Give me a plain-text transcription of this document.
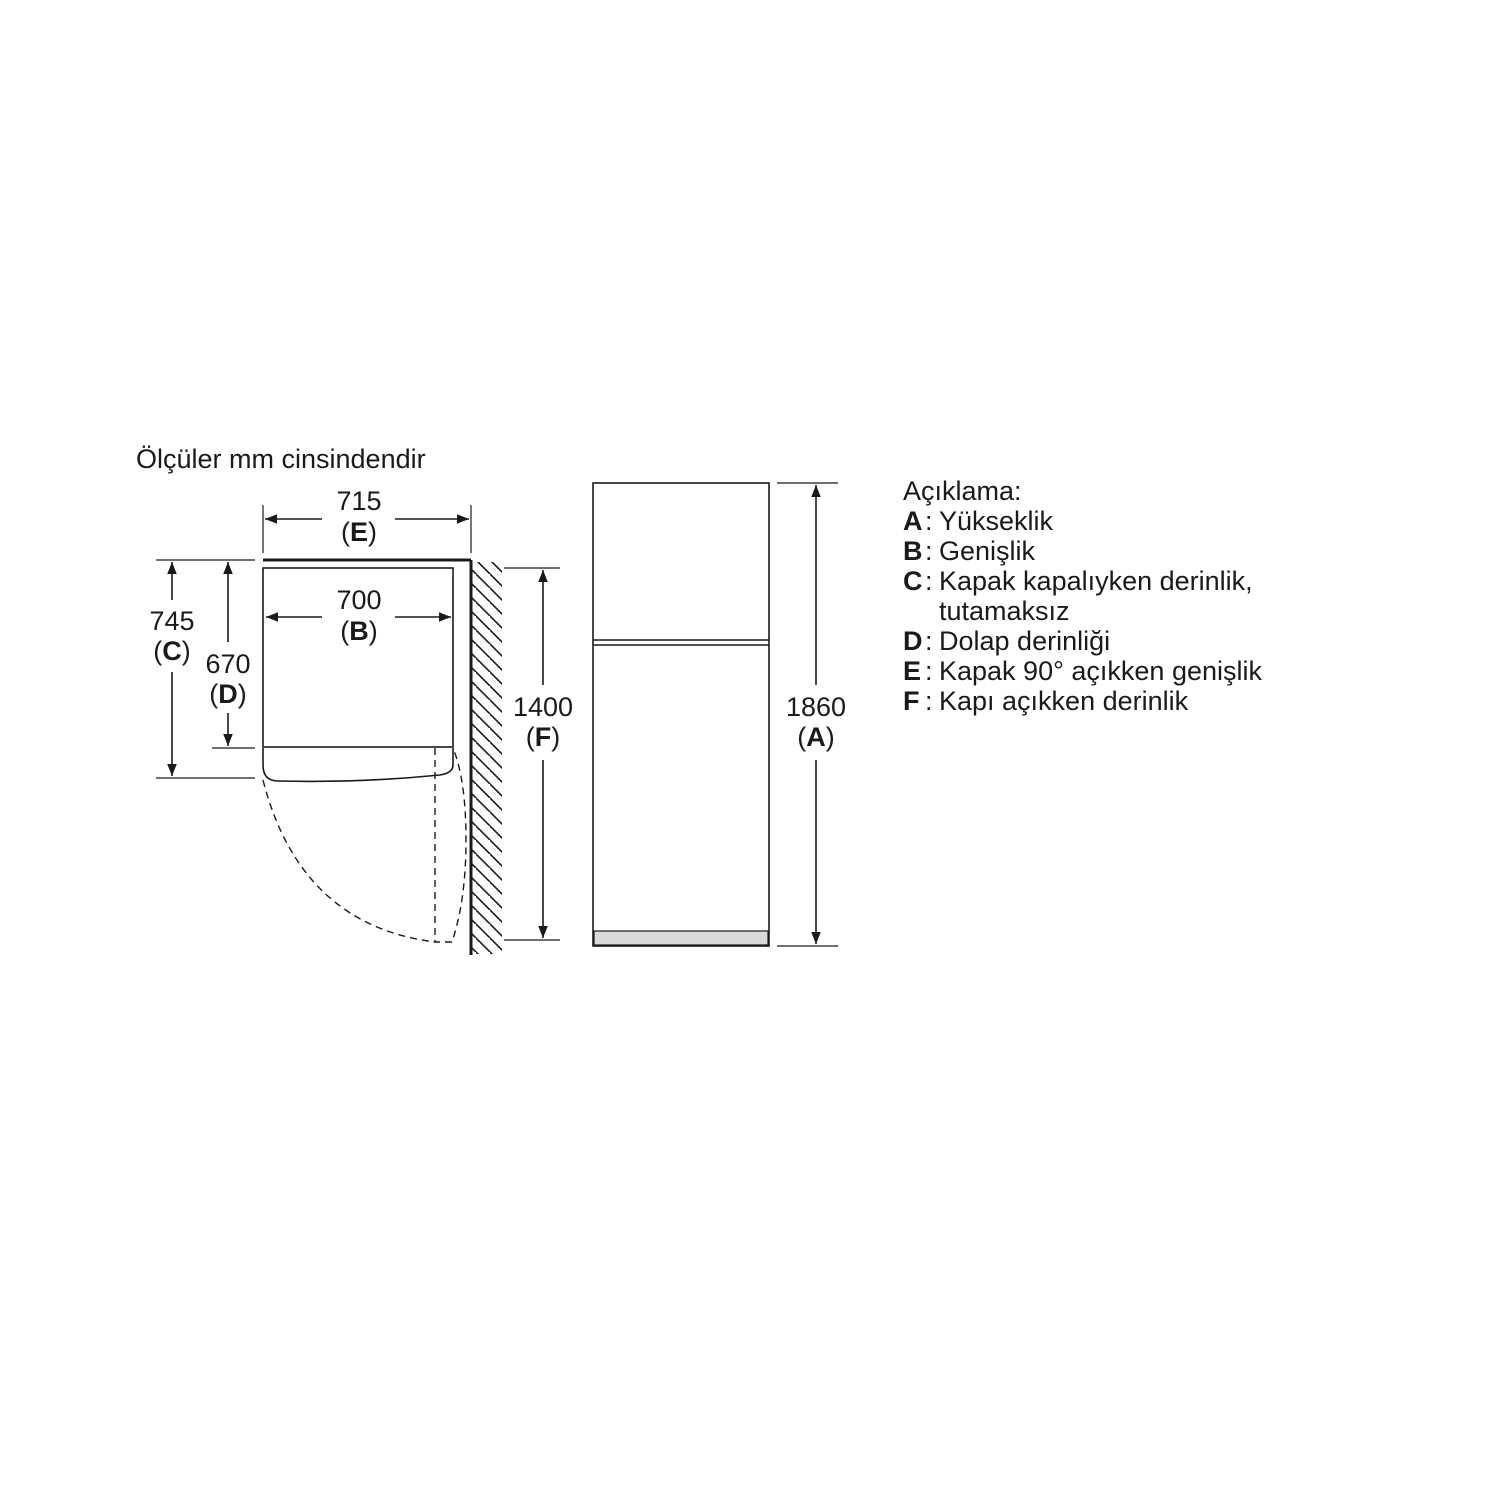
Ölçüler mm cinsindendir
715
(E)
700
(B)
745
(C) 670
(D)	1400
(F)
1860
(A)
Açıklama:
A : Yükseklik
B : Genişlik
C : Kapak kapalıyken derinlik,
tutamaksız
D : Dolap derinliği
E : Kapak 90° açıkken genişlik
F : Kapı açıkken derinlik
